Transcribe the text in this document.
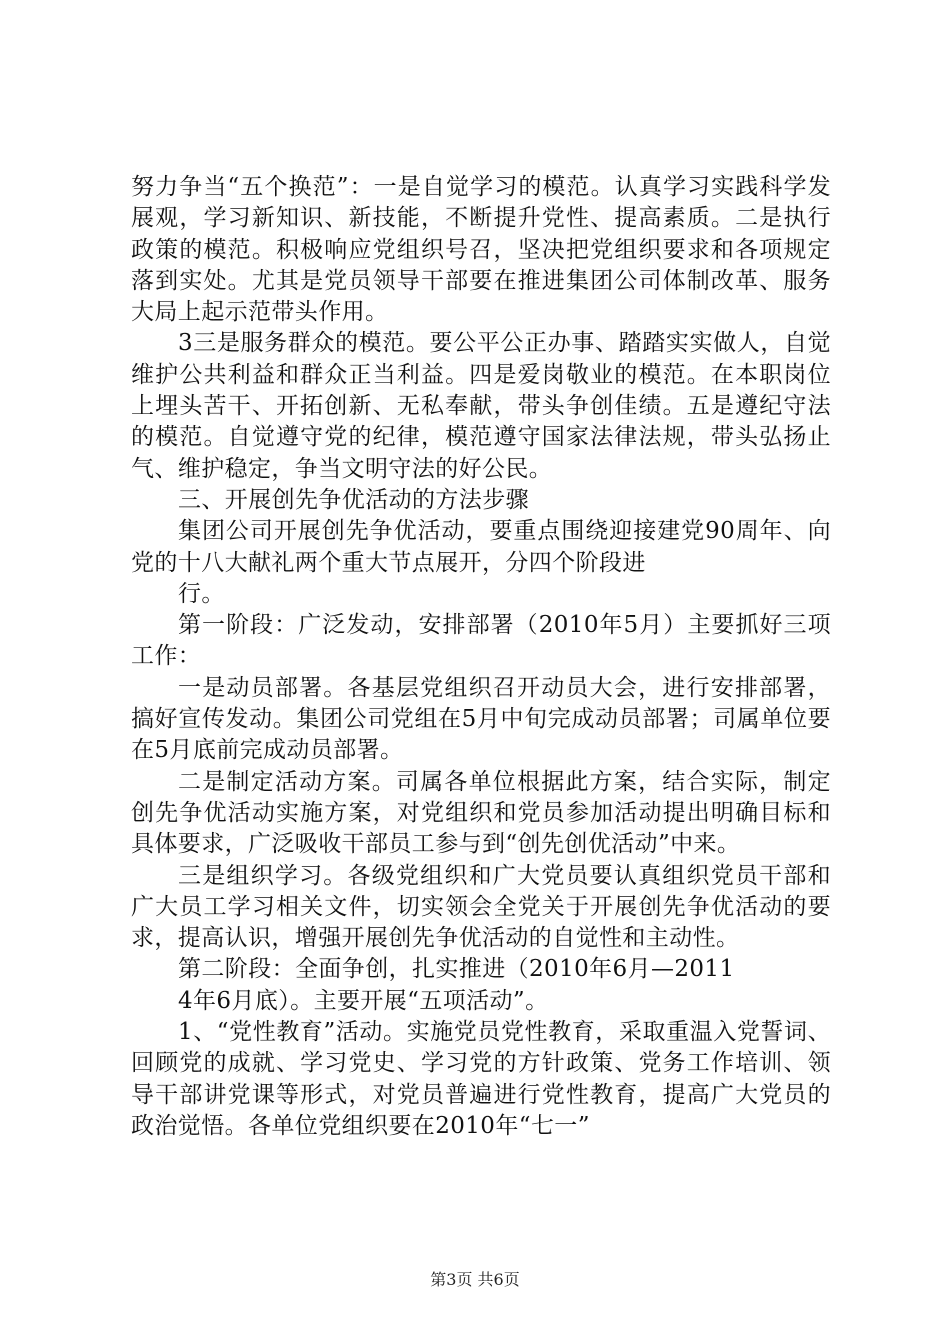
努力争当“五个换范”：一是自觉学习的模范。认真学习实践科学发展观，学习新知识、新技能，不断提升党性、提高素质。二是执行政策的模范。积极响应党组织号召，坚决把党组织要求和各项规定落到实处。尤其是党员领导干部要在推进集团公司体制改革、服务大局上起示范带头作用。

3三是服务群众的模范。要公平公正办事、踏踏实实做人，自觉维护公共利益和群众正当利益。四是爱岗敬业的模范。在本职岗位上埋头苦干、开拓创新、无私奉献，带头争创佳绩。五是遵纪守法的模范。自觉遵守党的纪律，模范遵守国家法律法规，带头弘扬止气、维护稳定，争当文明守法的好公民。

三、开展创先争优活动的方法步骤

集团公司开展创先争优活动，要重点围绕迎接建党90周年、向党的十八大献礼两个重大节点展开，分四个阶段进

行。

第一阶段：广泛发动，安排部署（2010年5月）主要抓好三项工作：

一是动员部署。各基层党组织召开动员大会，进行安排部署，搞好宣传发动。集团公司党组在5月中旬完成动员部署；司属单位要在5月底前完成动员部署。

二是制定活动方案。司属各单位根据此方案，结合实际，制定创先争优活动实施方案，对党组织和党员参加活动提出明确目标和具体要求，广泛吸收干部员工参与到“创先创优活动”中来。

三是组织学习。各级党组织和广大党员要认真组织党员干部和广大员工学习相关文件，切实领会全党关于开展创先争优活动的要求，提高认识，增强开展创先争优活动的自觉性和主动性。

第二阶段：全面争创，扎实推进（2010年6月—2011

4年6月底）。主要开展“五项活动”。

1、“党性教育”活动。实施党员党性教育，采取重温入党誓词、回顾党的成就、学习党史、学习党的方针政策、党务工作培训、领导干部讲党课等形式，对党员普遍进行党性教育，提高广大党员的政治觉悟。各单位党组织要在2010年“七一”

第3页 共6页
